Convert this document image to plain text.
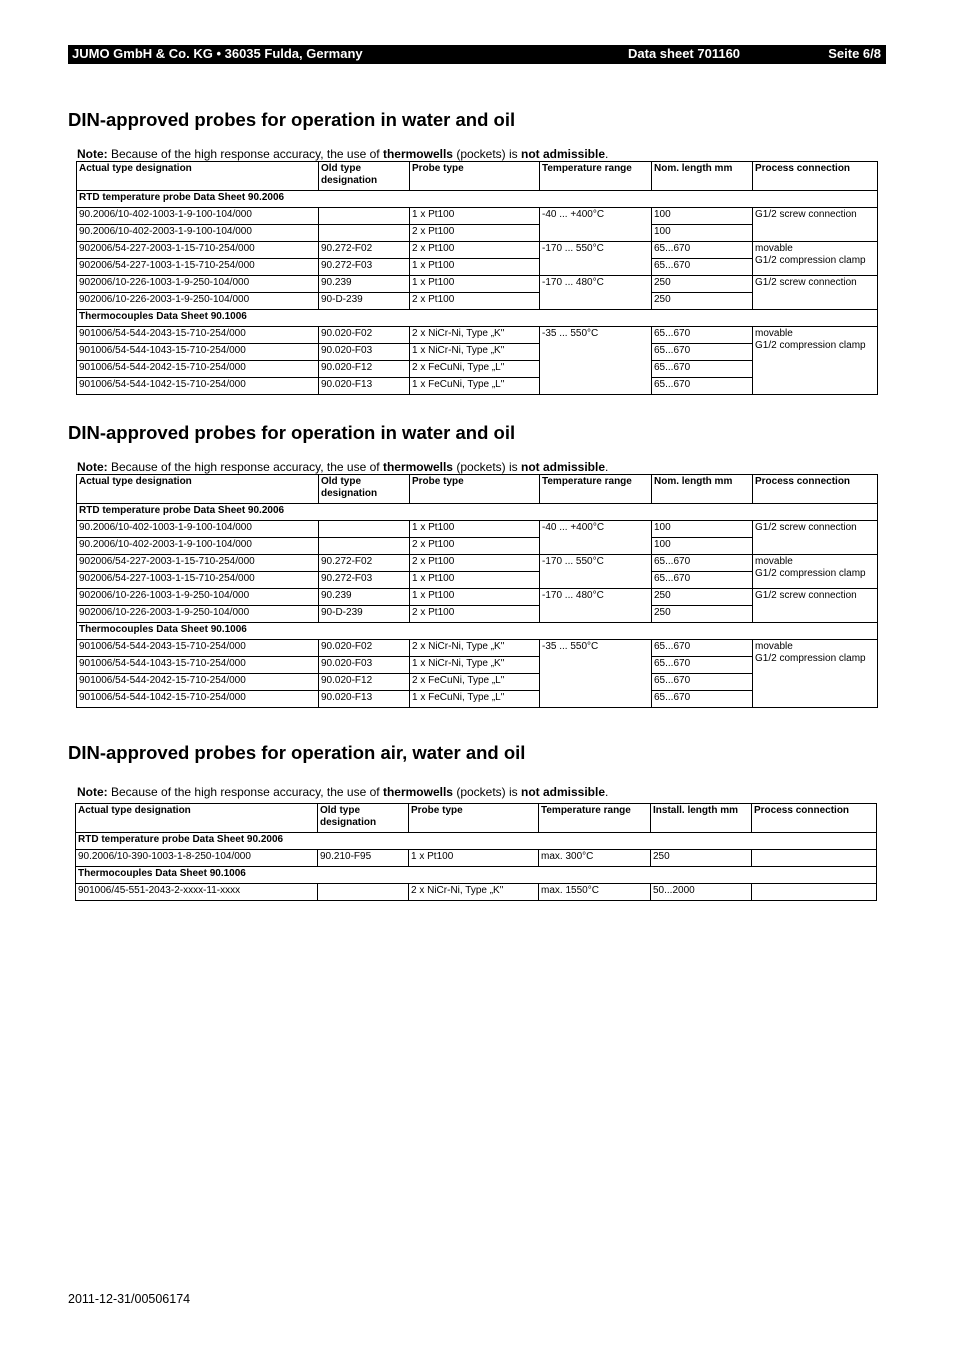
JUMO GmbH & Co. KG • 36035 Fulda, Germany	Data sheet 701160	Seite 6/8
DIN-approved probes for operation in water and oil

Note: Because of the high response accuracy, the use of thermowells (pockets) is not admissible.

Actual type designation	Old type designation	Probe type	Temperature range	Nom. length mm	Process connection
RTD temperature probe Data Sheet 90.2006					
90.2006/10-402-1003-1-9-100-104/000		1 x Pt100	-40 ... +400°C	100	G1/2 screw connection
90.2006/10-402-2003-1-9-100-104/000		2 x Pt100		100	
902006/54-227-2003-1-15-710-254/000	90.272-F02	2 x Pt100	-170 ... 550°C	65...670	movable
G1/2 compression clamp
902006/54-227-1003-1-15-710-254/000	90.272-F03	1 x Pt100		65...670	
902006/10-226-1003-1-9-250-104/000	90.239	1 x Pt100	-170 ... 480°C	250	G1/2 screw connection
902006/10-226-2003-1-9-250-104/000	90-D-239	2 x Pt100		250	
Thermocouples Data Sheet 90.1006					
901006/54-544-2043-15-710-254/000	90.020-F02	2 x NiCr-Ni, Type „K"	-35 ... 550°C	65...670	movable
G1/2 compression clamp
901006/54-544-1043-15-710-254/000	90.020-F03	1 x NiCr-Ni, Type „K"		65...670	
901006/54-544-2042-15-710-254/000	90.020-F12	2 x FeCuNi, Type „L"		65...670	
901006/54-544-1042-15-710-254/000	90.020-F13	1 x FeCuNi, Type „L"		65...670	
DIN-approved probes for operation in water and oil

Note: Because of the high response accuracy, the use of thermowells (pockets) is not admissible.

Actual type designation	Old type designation	Probe type	Temperature range	Nom. length mm	Process connection
RTD temperature probe Data Sheet 90.2006					
90.2006/10-402-1003-1-9-100-104/000		1 x Pt100	-40 ... +400°C	100	G1/2 screw connection
90.2006/10-402-2003-1-9-100-104/000		2 x Pt100		100	
902006/54-227-2003-1-15-710-254/000	90.272-F02	2 x Pt100	-170 ... 550°C	65...670	movable
G1/2 compression clamp
902006/54-227-1003-1-15-710-254/000	90.272-F03	1 x Pt100		65...670	
902006/10-226-1003-1-9-250-104/000	90.239	1 x Pt100	-170 ... 480°C	250	G1/2 screw connection
902006/10-226-2003-1-9-250-104/000	90-D-239	2 x Pt100		250	
Thermocouples Data Sheet 90.1006					
901006/54-544-2043-15-710-254/000	90.020-F02	2 x NiCr-Ni, Type „K"	-35 ... 550°C	65...670	movable
G1/2 compression clamp
901006/54-544-1043-15-710-254/000	90.020-F03	1 x NiCr-Ni, Type „K"		65...670	
901006/54-544-2042-15-710-254/000	90.020-F12	2 x FeCuNi, Type „L"		65...670	
901006/54-544-1042-15-710-254/000	90.020-F13	1 x FeCuNi, Type „L"		65...670	
DIN-approved probes for operation air, water and oil

Note: Because of the high response accuracy, the use of thermowells (pockets) is not admissible.

Actual type designation	Old type designation	Probe type	Temperature range	Install. length mm	Process connection
RTD temperature probe Data Sheet 90.2006					
90.2006/10-390-1003-1-8-250-104/000	90.210-F95	1 x Pt100	max. 300°C	250	
Thermocouples Data Sheet 90.1006					
901006/45-551-2043-2-xxxx-11-xxxx		2 x NiCr-Ni, Type „K"	max. 1550°C	50...2000	
2011-12-31/00506174
